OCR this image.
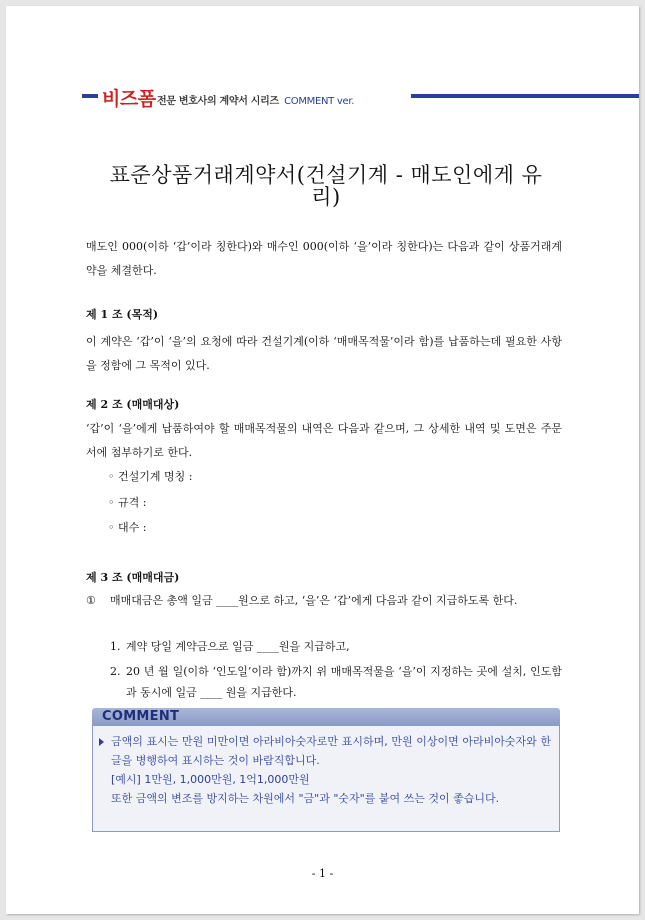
비즈폼 전문 변호사의 계약서 시리즈 COMMENT ver.
표준상품거래계약서(건설기계 - 매도인에게 유리)
매도인 000(이하 ‘갑’이라 칭한다)와 매수인 000(이하 ‘을’이라 칭한다)는 다음과 같이 상품거래계약을 체결한다.
제 1 조 (목적)
이 계약은 ‘갑’이 ‘을’의 요청에 따라 건설기계(이하 ‘매매목적물’이라 함)를 납품하는데 필요한 사항을 정함에 그 목적이 있다.
제 2 조 (매매대상)
‘갑’이 ‘을’에게 납품하여야 할 매매목적물의 내역은 다음과 같으며, 그 상세한 내역 및 도면은 주문서에 첨부하기로 한다.
◦ 건설기계 명칭 :
◦ 규격 :
◦ 대수 :
제 3 조 (매매대금)
① 매매대금은 총액 일금 ____원으로 하고, ‘을’은 ‘갑’에게 다음과 같이 지급하도록 한다.
1. 계약 당일 계약금으로 일금 ____원을 지급하고,
2. 20 년 월 일(이하 ‘인도일’이라 함)까지 위 매매목적물을 ‘을’이 지정하는 곳에 설치, 인도함과 동시에 일금 ____ 원을 지급한다.
COMMENT
금액의 표시는 만원 미만이면 아라비아숫자로만 표시하며, 만원 이상이면 아라비아숫자와 한글을 병행하여 표시하는 것이 바람직합니다.
[예시] 1만원, 1,000만원, 1억1,000만원
또한 금액의 변조를 방지하는 차원에서 "금"과 "숫자"를 붙여 쓰는 것이 좋습니다.
- 1 -
